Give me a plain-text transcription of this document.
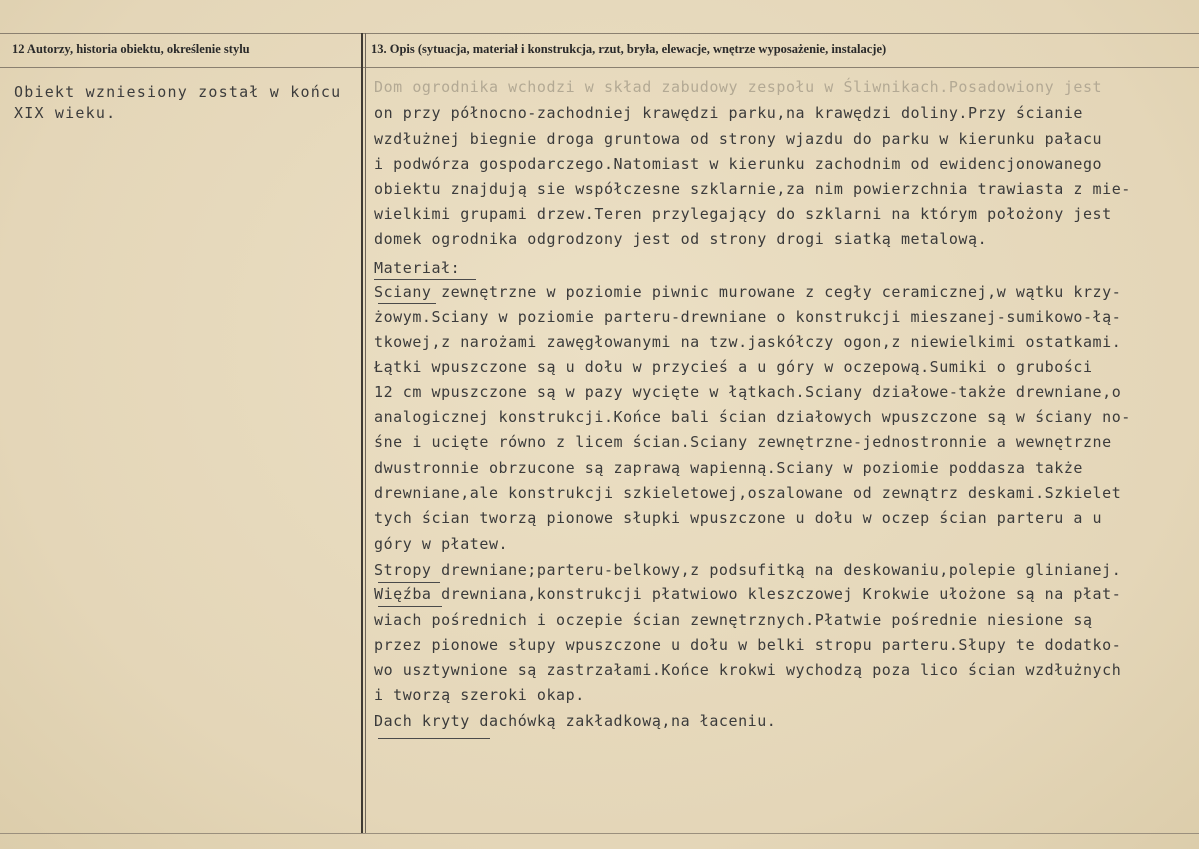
12 Autorzy, historia obiektu, określenie stylu	13. Opis (sytuacja, materiał i konstrukcja, rzut, bryła, elewacje, wnętrze wyposażenie, instalacje)
Obiekt wzniesiony został w końcu
XIX wieku.
Dom ogrodnika wchodzi w skład zabudowy zespołu w Śliwnikach.Posadowiony jest
on przy północno-zachodniej krawędzi parku,na krawędzi doliny.Przy ścianie
wzdłużnej biegnie droga gruntowa od strony wjazdu do parku w kierunku pałacu
i podwórza gospodarczego.Natomiast w kierunku zachodnim od ewidencjonowanego
obiektu znajdują sie współczesne szklarnie,za nim powierzchnia trawiasta z mie-
wielkimi grupami drzew.Teren przylegający do szklarni na którym położony jest
domek ogrodnika odgrodzony jest od strony drogi siatką metalową.
Materiał:
Sciany zewnętrzne w poziomie piwnic murowane z cegły ceramicznej,w wątku krzy-
żowym.Sciany w poziomie parteru-drewniane o konstrukcji mieszanej-sumikowo-łą-
tkowej,z narożami zawęgłowanymi na tzw.jaskółczy ogon,z niewielkimi ostatkami.
Łątki wpuszczone są u dołu w przycieś a u góry w oczepową.Sumiki o grubości
12 cm wpuszczone są w pazy wycięte w łątkach.Sciany działowe-także drewniane,o
analogicznej konstrukcji.Końce bali ścian działowych wpuszczone są w ściany no-
śne i ucięte równo z licem ścian.Sciany zewnętrzne-jednostronnie a wewnętrzne
dwustronnie obrzucone są zaprawą wapienną.Sciany w poziomie poddasza także
drewniane,ale konstrukcji szkieletowej,oszalowane od zewnątrz deskami.Szkielet
tych ścian tworzą pionowe słupki wpuszczone u dołu w oczep ścian parteru a u
góry w płatew.
Stropy drewniane;parteru-belkowy,z podsufitką na deskowaniu,polepie glinianej.
Więźba drewniana,konstrukcji płatwiowo kleszczowej Krokwie ułożone są na płat-
wiach pośrednich i oczepie ścian zewnętrznych.Płatwie pośrednie niesione są
przez pionowe słupy wpuszczone u dołu w belki stropu parteru.Słupy te dodatko-
wo usztywnione są zastrzałami.Końce krokwi wychodzą poza lico ścian wzdłużnych
i tworzą szeroki okap.
Dach kryty dachówką zakładkową,na łaceniu.
